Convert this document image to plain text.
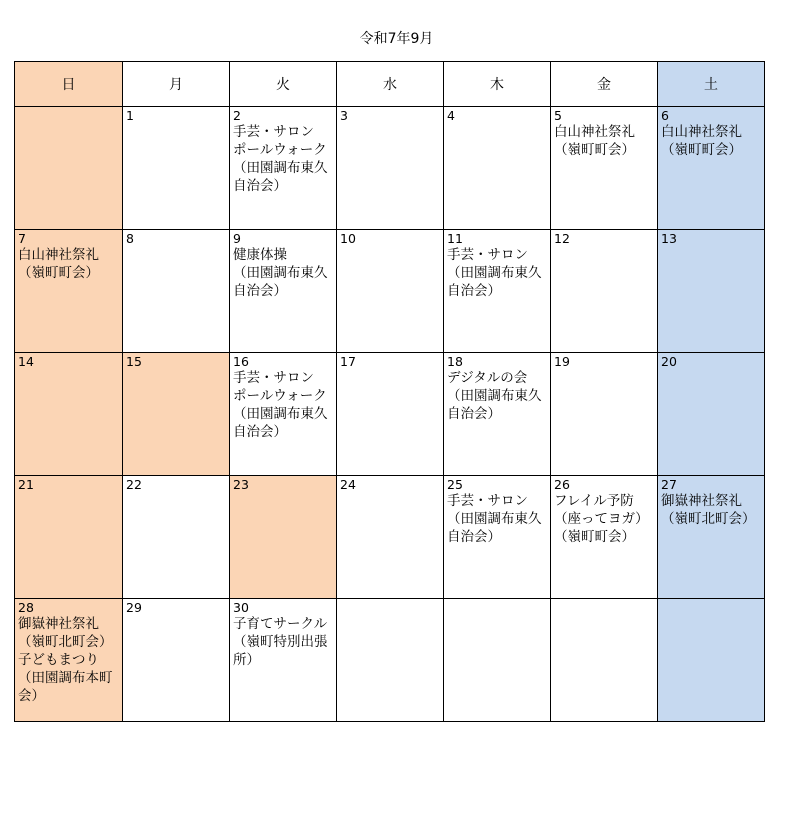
令和7年9月
日	月	火	水	木	金	土

	1	2
手芸・サロン
ポールウォーク
（田園調布東久自治会）	3	4	5
白山神社祭礼
（嶺町町会）	6
白山神社祭礼
（嶺町町会）

7
白山神社祭礼
（嶺町町会）	8	9
健康体操
（田園調布東久自治会）	10	11
手芸・サロン
（田園調布東久自治会）	12	13

14	15	16
手芸・サロン
ポールウォーク
（田園調布東久自治会）	17	18
デジタルの会
（田園調布東久自治会）	19	20

21	22	23	24	25
手芸・サロン
（田園調布東久自治会）	26
フレイル予防
（座ってヨガ）
（嶺町町会）	27
御嶽神社祭礼
（嶺町北町会）

28
御嶽神社祭礼
（嶺町北町会）
子どもまつり
（田園調布本町会）	29	30
子育てサークル
（嶺町特別出張所）				
